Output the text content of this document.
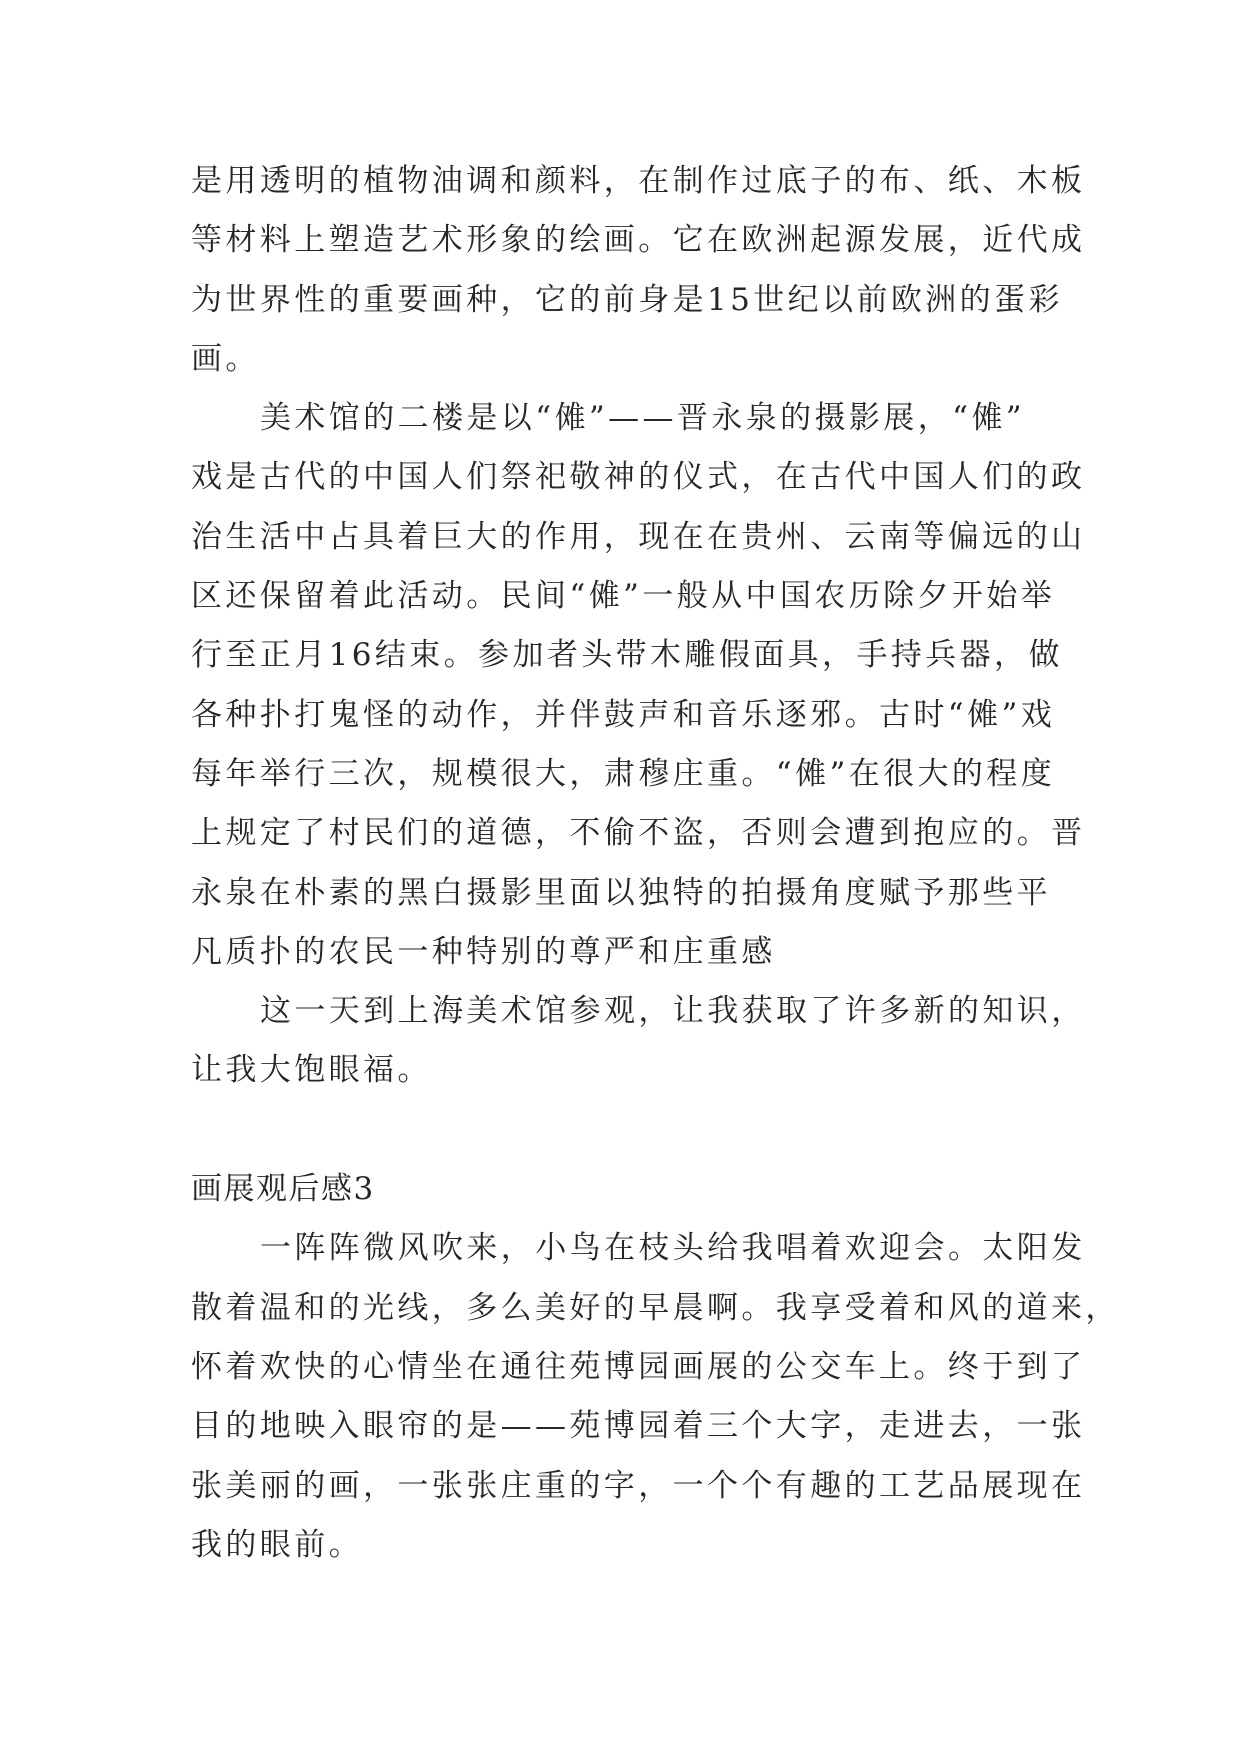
是用透明的植物油调和颜料，在制作过底子的布、纸、木板
等材料上塑造艺术形象的绘画。它在欧洲起源发展，近代成
为世界性的重要画种，它的前身是15世纪以前欧洲的蛋彩
画。
美术馆的二楼是以“傩”——晋永泉的摄影展，“傩”
戏是古代的中国人们祭祀敬神的仪式，在古代中国人们的政
治生活中占具着巨大的作用，现在在贵州、云南等偏远的山
区还保留着此活动。民间“傩”一般从中国农历除夕开始举
行至正月16结束。参加者头带木雕假面具，手持兵器，做
各种扑打鬼怪的动作，并伴鼓声和音乐逐邪。古时“傩”戏
每年举行三次，规模很大，肃穆庄重。“傩”在很大的程度
上规定了村民们的道德，不偷不盗，否则会遭到抱应的。晋
永泉在朴素的黑白摄影里面以独特的拍摄角度赋予那些平
凡质扑的农民一种特别的尊严和庄重感
这一天到上海美术馆参观，让我获取了许多新的知识，
让我大饱眼福。
画展观后感3
一阵阵微风吹来，小鸟在枝头给我唱着欢迎会。太阳发
散着温和的光线，多么美好的早晨啊。我享受着和风的道来，
怀着欢快的心情坐在通往苑博园画展的公交车上。终于到了
目的地映入眼帘的是——苑博园着三个大字，走进去，一张
张美丽的画，一张张庄重的字，一个个有趣的工艺品展现在
我的眼前。
